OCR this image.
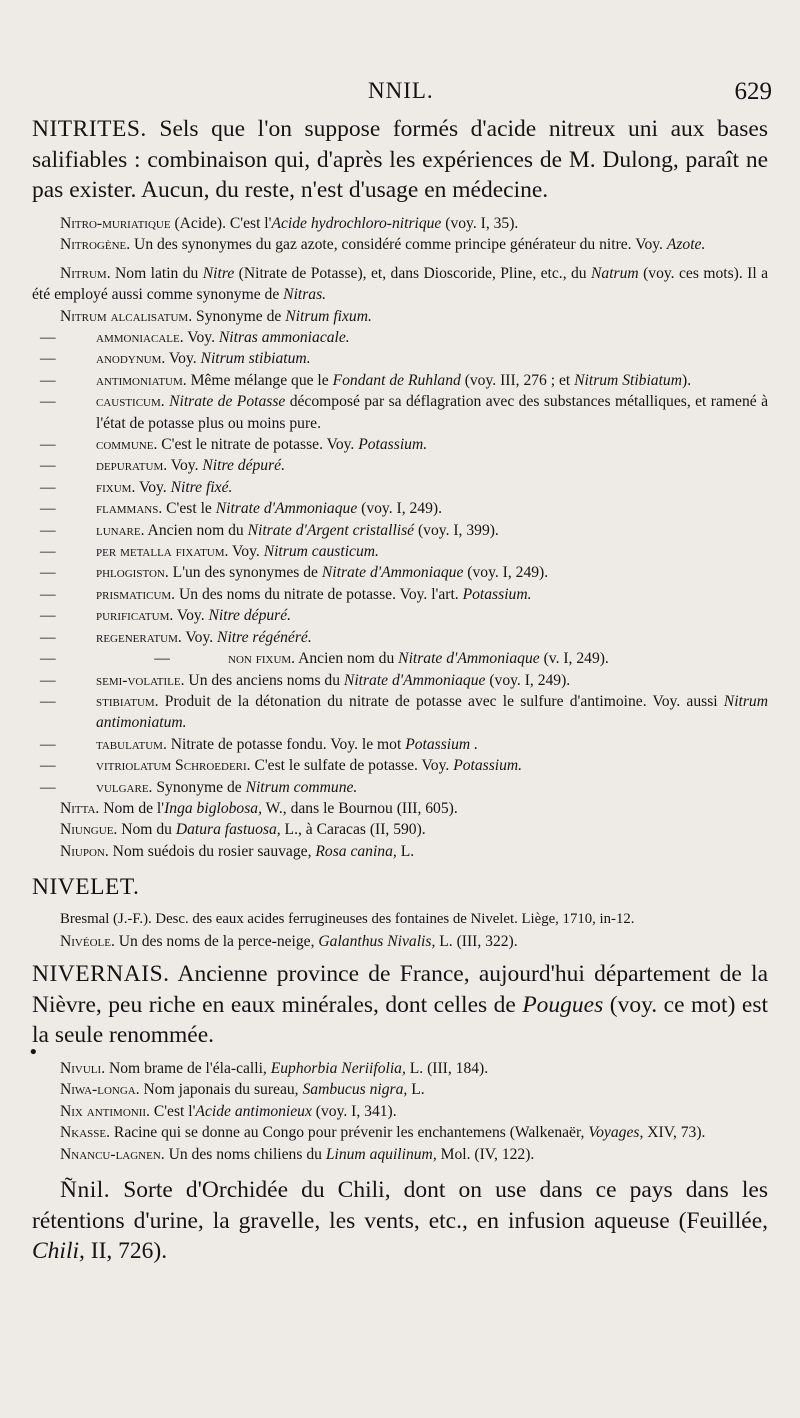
NNIL.	629

NITRITES. Sels que l'on suppose formés d'acide nitreux uni aux bases salifiables : combinaison qui, d'après les expériences de M. Dulong, paraît ne pas exister. Aucun, du reste, n'est d'usage en médecine.

Nitro-muriatique (Acide). C'est l'Acide hydrochloro-nitrique (voy. I, 35).

Nitrogène. Un des synonymes du gaz azote, considéré comme principe générateur du nitre. Voy. Azote.

Nitrum. Nom latin du Nitre (Nitrate de Potasse), et, dans Dioscoride, Pline, etc., du Natrum (voy. ces mots). Il a été employé aussi comme synonyme de Nitras.

Nitrum alcalisatum. Synonyme de Nitrum fixum.

—	ammoniacale. Voy. Nitras ammoniacale.
—	anodynum. Voy. Nitrum stibiatum.
—	antimoniatum. Même mélange que le Fondant de Ruhland (voy. III, 276 ; et Nitrum Stibiatum).
—	causticum. Nitrate de Potasse décomposé par sa déflagration avec des substances métalliques, et ramené à l'état de potasse plus ou moins pure.
—	commune. C'est le nitrate de potasse. Voy. Potassium.
—	depuratum. Voy. Nitre dépuré.
—	fixum. Voy. Nitre fixé.
—	flammans. C'est le Nitrate d'Ammoniaque (voy. I, 249).
—	lunare. Ancien nom du Nitrate d'Argent cristallisé (voy. I, 399).
—	per metalla fixatum. Voy. Nitrum causticum.
—	phlogiston. L'un des synonymes de Nitrate d'Ammoniaque (voy. I, 249).
—	prismaticum. Un des noms du nitrate de potasse. Voy. l'art. Potassium.
—	purificatum. Voy. Nitre dépuré.
—	regeneratum. Voy. Nitre régénéré.
—	—	non fixum. Ancien nom du Nitrate d'Ammoniaque (v. I, 249).
—	semi-volatile. Un des anciens noms du Nitrate d'Ammoniaque (voy. I, 249).
—	stibiatum. Produit de la détonation du nitrate de potasse avec le sulfure d'antimoine. Voy. aussi Nitrum antimoniatum.
—	tabulatum. Nitrate de potasse fondu. Voy. le mot Potassium .
—	vitriolatum Schroederi. C'est le sulfate de potasse. Voy. Potassium.
—	vulgare. Synonyme de Nitrum commune.

Nitta. Nom de l'Inga biglobosa, W., dans le Bournou (III, 605).

Niungue. Nom du Datura fastuosa, L., à Caracas (II, 590).

Niupon. Nom suédois du rosier sauvage, Rosa canina, L.

NIVELET.

Bresmal (J.-F.). Desc. des eaux acides ferrugineuses des fontaines de Nivelet. Liège, 1710, in-12.

Nivéole. Un des noms de la perce-neige, Galanthus Nivalis, L. (III, 322).

NIVERNAIS. Ancienne province de France, aujourd'hui département de la Nièvre, peu riche en eaux minérales, dont celles de Pougues (voy. ce mot) est la seule renommée.

Nivuli. Nom brame de l'éla-calli, Euphorbia Neriifolia, L. (III, 184).

Niwa-longa. Nom japonais du sureau, Sambucus nigra, L.

Nix antimonii. C'est l'Acide antimonieux (voy. I, 341).

Nkasse. Racine qui se donne au Congo pour prévenir les enchantemens (Walkenaër, Voyages, XIV, 73).

Nnancu-lagnen. Un des noms chiliens du Linum aquilinum, Mol. (IV, 122).

Ñnil. Sorte d'Orchidée du Chili, dont on use dans ce pays dans les rétentions d'urine, la gravelle, les vents, etc., en infusion aqueuse (Feuillée, Chili, II, 726).

•
